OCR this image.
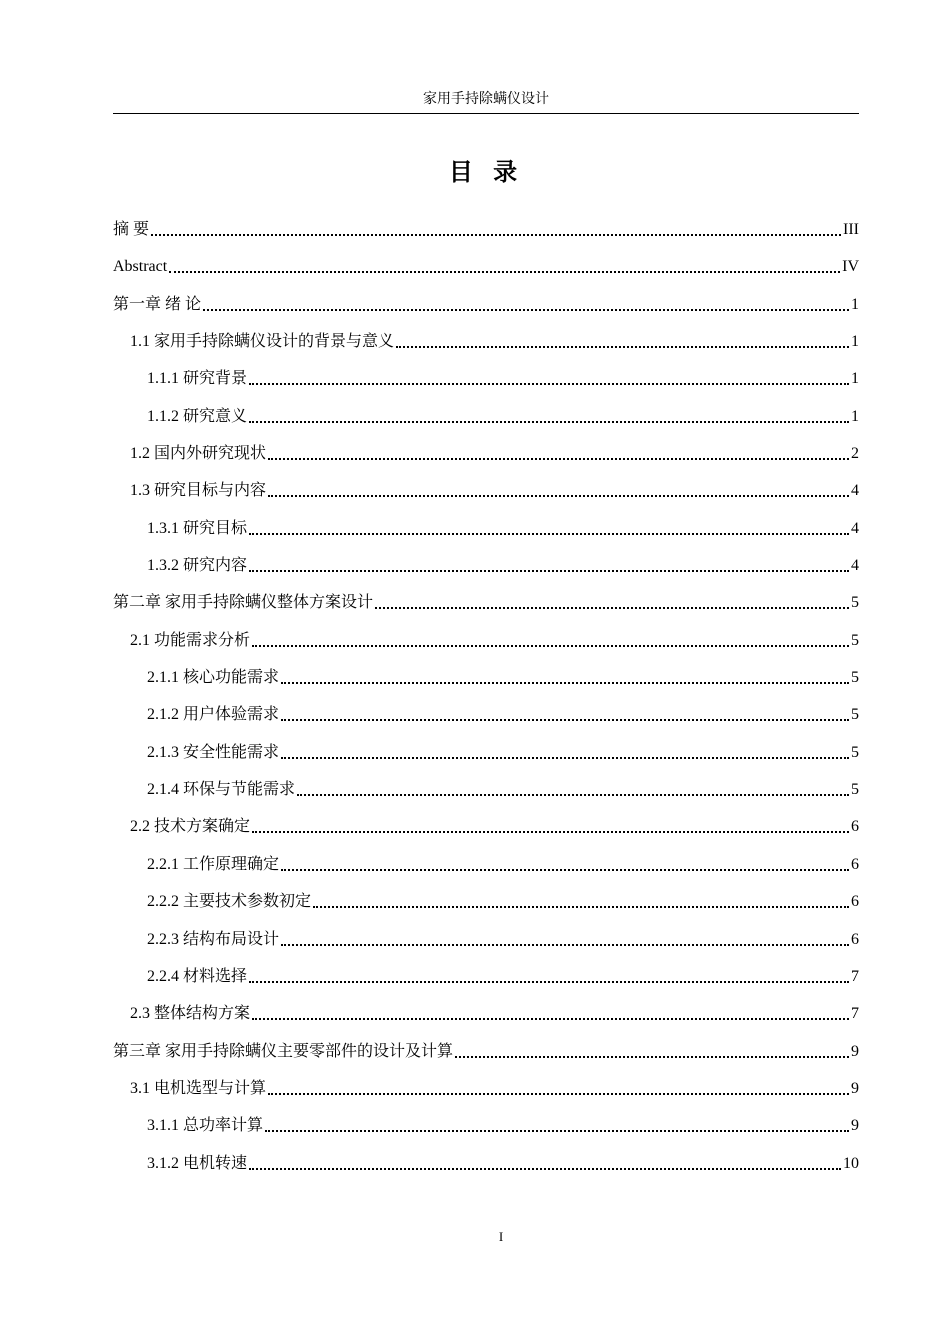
家用手持除螨仪设计
目 录
摘 要	III
Abstract	IV
第一章 绪 论	1
1.1 家用手持除螨仪设计的背景与意义	1
1.1.1 研究背景	1
1.1.2 研究意义	1
1.2 国内外研究现状	2
1.3 研究目标与内容	4
1.3.1 研究目标	4
1.3.2 研究内容	4
第二章 家用手持除螨仪整体方案设计	5
2.1 功能需求分析	5
2.1.1 核心功能需求	5
2.1.2 用户体验需求	5
2.1.3 安全性能需求	5
2.1.4 环保与节能需求	5
2.2 技术方案确定	6
2.2.1 工作原理确定	6
2.2.2 主要技术参数初定	6
2.2.3 结构布局设计	6
2.2.4 材料选择	7
2.3 整体结构方案	7
第三章 家用手持除螨仪主要零部件的设计及计算	9
3.1 电机选型与计算	9
3.1.1 总功率计算	9
3.1.2 电机转速	10
I
